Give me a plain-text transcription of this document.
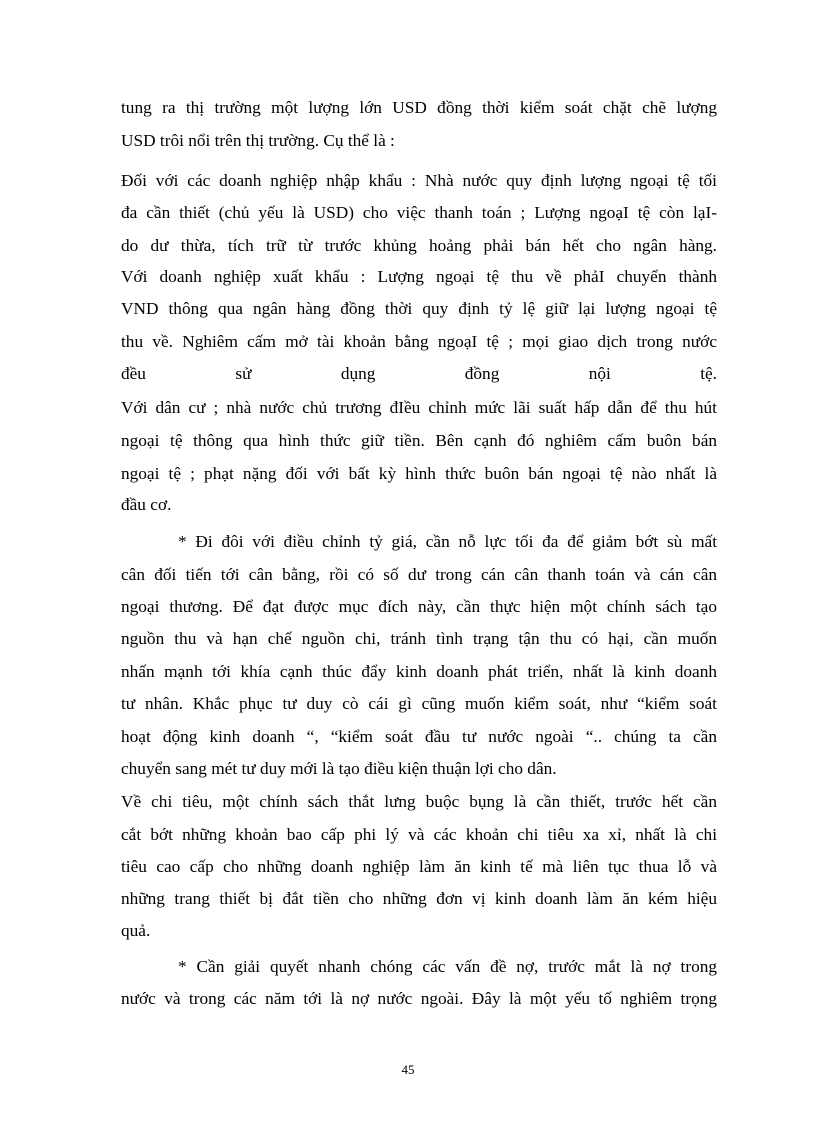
tung ra thị trường một lượng lớn USD đồng thời kiểm soát chặt chẽ lượng
USD trôi nổi trên thị trường. Cụ thể là :
Đối với các doanh nghiệp nhập khẩu : Nhà nước quy định lượng ngoại tệ tối
đa cần thiết (chủ yếu là USD) cho việc thanh toán ; Lượng ngoạI tệ còn lạI-
do dư thừa, tích trữ từ trước khủng hoảng phải bán hết cho ngân hàng.
Với doanh nghiệp xuất khẩu : Lượng ngoại tệ thu về phảI chuyển thành
VND thông qua ngân hàng đồng thời quy định tỷ lệ giữ lại lượng ngoại tệ
thu về. Nghiêm cấm mở tài khoản bằng ngoạI tệ ; mọi giao dịch trong nước
đều sử dụng đồng nội tệ.
Với dân cư ; nhà nước chủ trương đIều chỉnh mức lãi suất hấp dẫn để thu hút
ngoại tệ thông qua hình thức giữ tiền. Bên cạnh đó nghiêm cấm buôn bán
ngoại tệ ; phạt nặng đối với bất kỳ hình thức buôn bán ngoại tệ nào nhất là
đầu cơ.
* Đi đôi với điều chỉnh tỷ giá, cần nỗ lực tối đa để giảm bớt sù mất
cân đối tiến tới cân bằng, rồi có số dư trong cán cân thanh toán và cán cân
ngoại thương. Để đạt được mục đích này, cần thực hiện một chính sách tạo
nguồn thu và hạn chế nguồn chi, tránh tình trạng tận thu có hại, cần muốn
nhấn mạnh tới khía cạnh thúc đẩy kinh doanh phát triển, nhất là kinh doanh
tư nhân. Khắc phục tư duy cò cái gì cũng muốn kiểm soát, như “kiểm soát
hoạt động kinh doanh “, “kiểm soát đầu tư nước ngoài “.. chúng ta cần
chuyển sang mét tư duy mới là tạo điều kiện thuận lợi cho dân.
Về chi tiêu, một chính sách thắt lưng buộc bụng là cần thiết, trước hết cần
cắt bớt những khoản bao cấp phi lý và các khoản chi tiêu xa xỉ, nhất là chi
tiêu cao cấp cho những doanh nghiệp làm ăn kinh tế mà liên tục thua lỗ và
những trang thiết bị đắt tiền cho những đơn vị kinh doanh làm ăn kém hiệu
quả.
* Cần giải quyết nhanh chóng các vấn đề nợ, trước mắt là nợ trong
nước và trong các năm tới là nợ nước ngoài. Đây là một yếu tố nghiêm trọng
45
